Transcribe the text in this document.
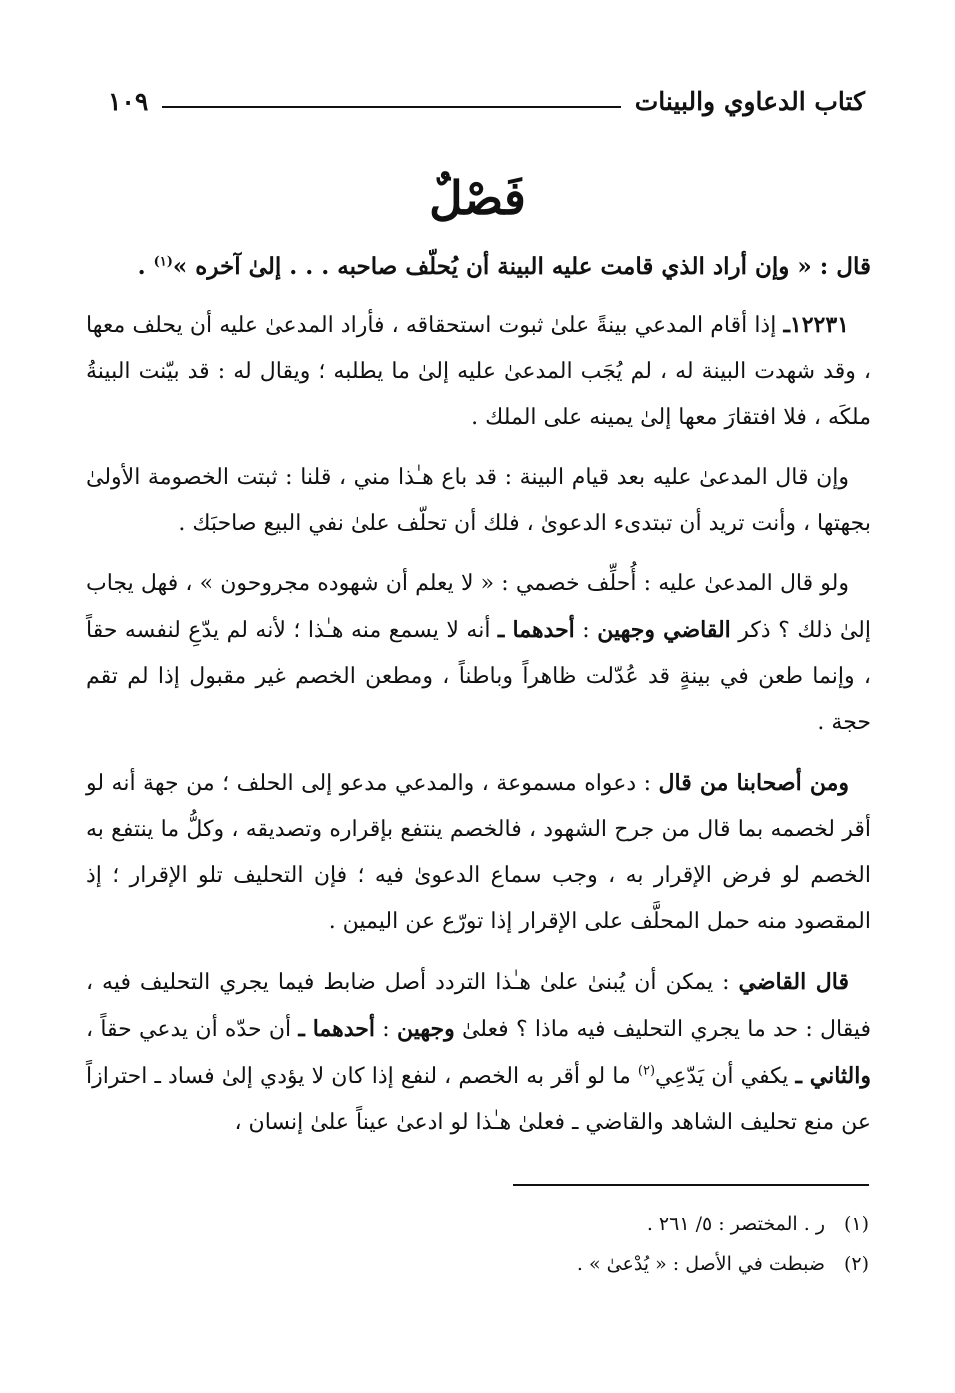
كتاب الدعاوي والبينات
١٠٩
فَصْلٌ

قال : « وإن أراد الذي قامت عليه البينة أن يُحلّف صاحبه . . . إلىٰ آخره »$^{(١)}$ .

١٢٢٣١ـ إذا أقام المدعي بينةً علىٰ ثبوت استحقاقه ، فأراد المدعىٰ عليه أن يحلف معها ، وقد شهدت البينة له ، لم يُجَب المدعىٰ عليه إلىٰ ما يطلبه ؛ ويقال له : قد بيّنت البينةُ ملكَه ، فلا افتقارَ معها إلىٰ يمينه على الملك .

وإن قال المدعىٰ عليه بعد قيام البينة : قد باع هـٰذا مني ، قلنا : ثبتت الخصومة الأولىٰ بجهتها ، وأنت تريد أن تبتدىء الدعوىٰ ، فلك أن تحلّف علىٰ نفي البيع صاحبَك .

ولو قال المدعىٰ عليه : أُحلِّف خصمي : « لا يعلم أن شهوده مجروحون » ، فهل يجاب إلىٰ ذلك ؟ ذكر القاضي وجهين : أحدهما ـ أنه لا يسمع منه هـٰذا ؛ لأنه لم يدّعِ لنفسه حقاً ، وإنما طعن في بينةٍ قد عُدّلت ظاهراً وباطناً ، ومطعن الخصم غير مقبول إذا لم تقم حجة .

ومن أصحابنا من قال : دعواه مسموعة ، والمدعي مدعو إلى الحلف ؛ من جهة أنه لو أقر لخصمه بما قال من جرح الشهود ، فالخصم ينتفع بإقراره وتصديقه ، وكلُّ ما ينتفع به الخصم لو فرض الإقرار به ، وجب سماع الدعوىٰ فيه ؛ فإن التحليف تلو الإقرار ؛ إذ المقصود منه حمل المحلَّف على الإقرار إذا تورّع عن اليمين .

قال القاضي : يمكن أن يُبنىٰ علىٰ هـٰذا التردد أصل ضابط فيما يجري التحليف فيه ، فيقال : حد ما يجري التحليف فيه ماذا ؟ فعلىٰ وجهين : أحدهما ـ أن حدّه أن يدعي حقاً ، والثاني ـ يكفي أن يَدّعِي$^{(٢)}$ ما لو أقر به الخصم ، لنفع إذا كان لا يؤدي إلىٰ فساد ـ احترازاً عن منع تحليف الشاهد والقاضي ـ فعلىٰ هـٰذا لو ادعىٰ عيناً علىٰ إنسان ،

(١)
ر . المختصر : ٥/ ٢٦١ .
(٢)
ضبطت في الأصل : « يُدْعىٰ » .
